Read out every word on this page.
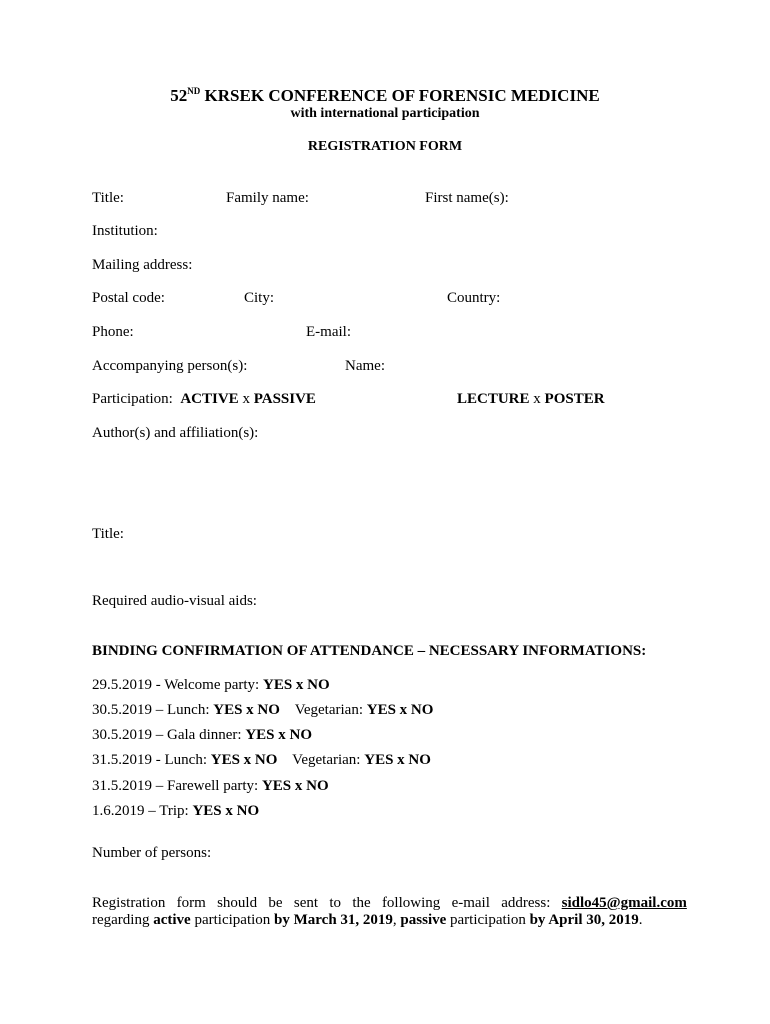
52ND KRSEK CONFERENCE OF FORENSIC MEDICINE
with international participation
REGISTRATION FORM
Title:	Family name:	First name(s):
Institution:
Mailing address:
Postal code:	City:	Country:
Phone:	E-mail:
Accompanying person(s):	Name:
Participation: ACTIVE x PASSIVE	LECTURE x POSTER
Author(s) and affiliation(s):
Title:
Required audio-visual aids:
BINDING CONFIRMATION OF ATTENDANCE – NECESSARY INFORMATIONS:
29.5.2019 - Welcome party: YES x NO
30.5.2019 – Lunch: YES x NO Vegetarian: YES x NO
30.5.2019 – Gala dinner: YES x NO
31.5.2019 - Lunch: YES x NO Vegetarian: YES x NO
31.5.2019 – Farewell party: YES x NO
1.6.2019 – Trip: YES x NO
Number of persons:
Registration form should be sent to the following e-mail address: sidlo45@gmail.com
regarding active participation by March 31, 2019, passive participation by April 30, 2019.
